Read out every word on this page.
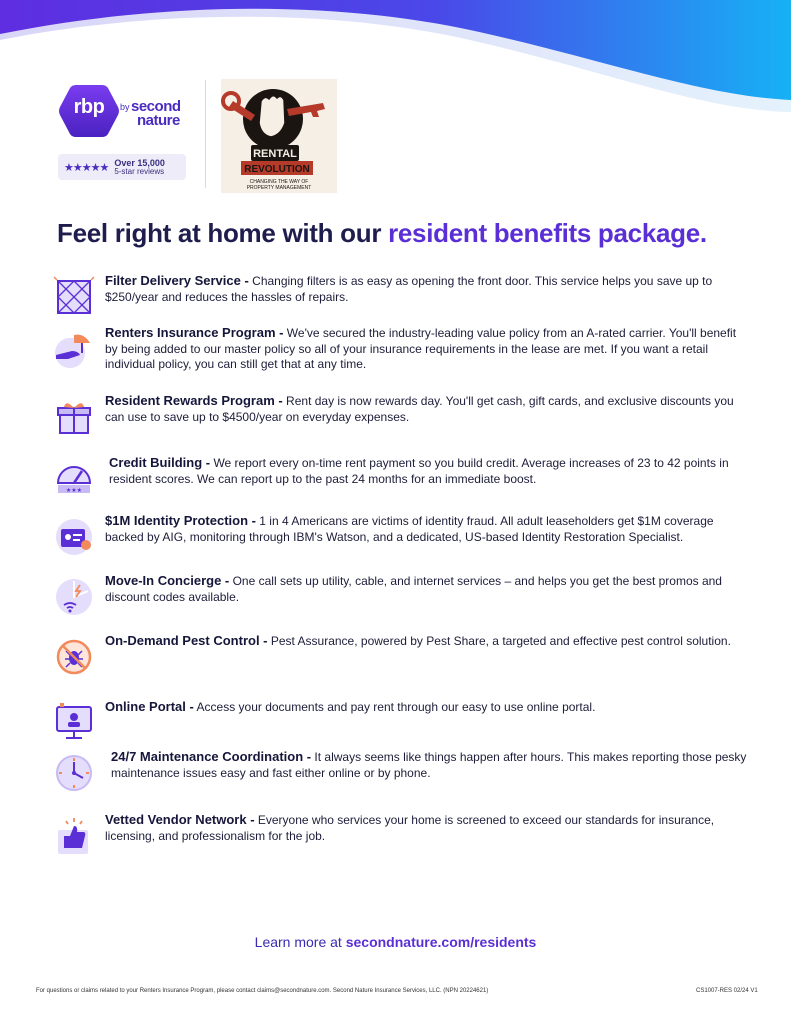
rbp	by second
nature
★★★★★ Over 15,000
5-star reviews
RENTAL
REVOLUTION
CHANGING THE WAY OF
PROPERTY MANAGEMENT
Feel right at home with our resident benefits package.
Filter Delivery Service - Changing filters is as easy as opening the front door. This service helps you save up to $250/year and reduces the hassles of repairs.
Renters Insurance Program - We've secured the industry-leading value policy from an A-rated carrier. You'll benefit by being added to our master policy so all of your insurance requirements in the lease are met. If you want a retail individual policy, you can still get that at any time.
Resident Rewards Program - Rent day is now rewards day. You'll get cash, gift cards, and exclusive discounts you can use to save up to $4500/year on everyday expenses.
★★★
Credit Building - We report every on-time rent payment so you build credit. Average increases of 23 to 42 points in resident scores. We can report up to the past 24 months for an immediate boost.
$1M Identity Protection - 1 in 4 Americans are victims of identity fraud. All adult leaseholders get $1M coverage backed by AIG, monitoring through IBM's Watson, and a dedicated, US-based Identity Restoration Specialist.
Move-In Concierge - One call sets up utility, cable, and internet services – and helps you get the best promos and discount codes available.
On-Demand Pest Control - Pest Assurance, powered by Pest Share, a targeted and effective pest control solution.
Online Portal - Access your documents and pay rent through our easy to use online portal.
24/7 Maintenance Coordination - It always seems like things happen after hours. This makes reporting those pesky maintenance issues easy and fast either online or by phone.
Vetted Vendor Network - Everyone who services your home is screened to exceed our standards for insurance, licensing, and professionalism for the job.
Learn more at secondnature.com/residents
For questions or claims related to your Renters Insurance Program, please contact claims@secondnature.com. Second Nature Insurance Services, LLC. (NPN 20224621)	CS1007-RES 02/24 V1
